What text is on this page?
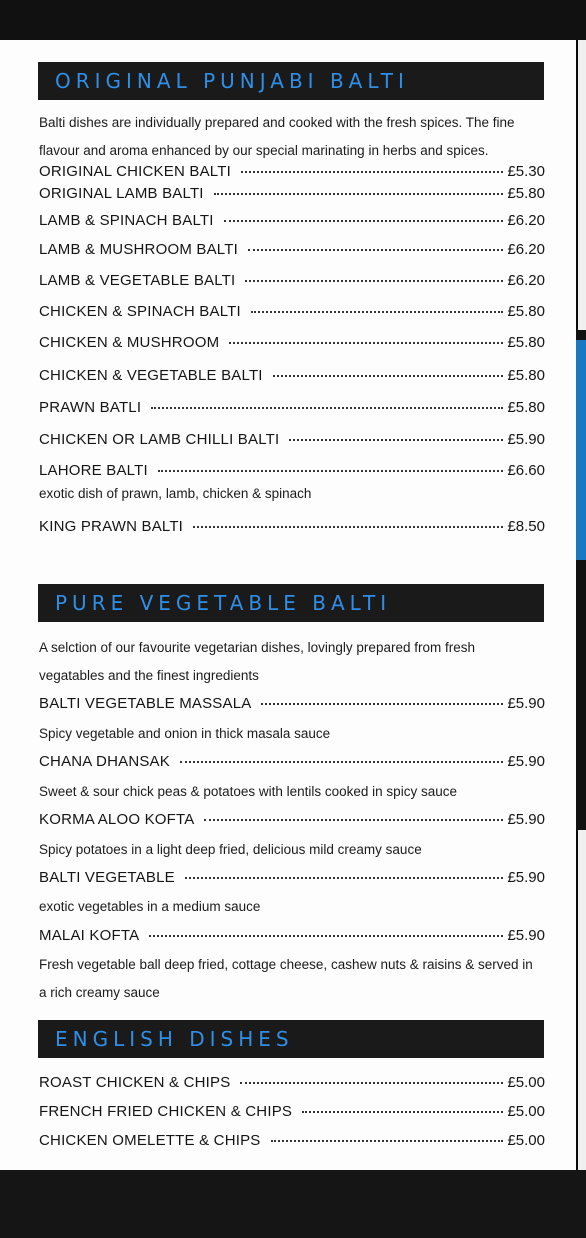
ORIGINAL PUNJABI BALTI
Balti dishes are individually prepared and cooked with the fresh spices. The fine flavour and aroma enhanced by our special marinating in herbs and spices.
ORIGINAL CHICKEN BALTI	£5.30
ORIGINAL LAMB BALTI	£5.80
LAMB & SPINACH BALTI	£6.20
LAMB & MUSHROOM BALTI	£6.20
LAMB & VEGETABLE BALTI	£6.20
CHICKEN & SPINACH BALTI	£5.80
CHICKEN & MUSHROOM	£5.80
CHICKEN & VEGETABLE BALTI	£5.80
PRAWN BATLI	£5.80
CHICKEN OR LAMB CHILLI BALTI	£5.90
LAHORE BALTI	£6.60
exotic dish of prawn, lamb, chicken & spinach
KING PRAWN BALTI	£8.50
PURE VEGETABLE BALTI
A selction of our favourite vegetarian dishes, lovingly prepared from fresh vegatables and the finest ingredients
BALTI VEGETABLE MASSALA	£5.90
Spicy vegetable and onion in thick masala sauce
CHANA DHANSAK	£5.90
Sweet & sour chick peas & potatoes with lentils cooked in spicy sauce
KORMA ALOO KOFTA	£5.90
Spicy potatoes in a light deep fried, delicious mild creamy sauce
BALTI VEGETABLE	£5.90
exotic vegetables in a medium sauce
MALAI KOFTA	£5.90
Fresh vegetable ball deep fried, cottage cheese, cashew nuts & raisins & served in a rich creamy sauce
ENGLISH DISHES
ROAST CHICKEN & CHIPS	£5.00
FRENCH FRIED CHICKEN & CHIPS	£5.00
CHICKEN OMELETTE & CHIPS	£5.00
